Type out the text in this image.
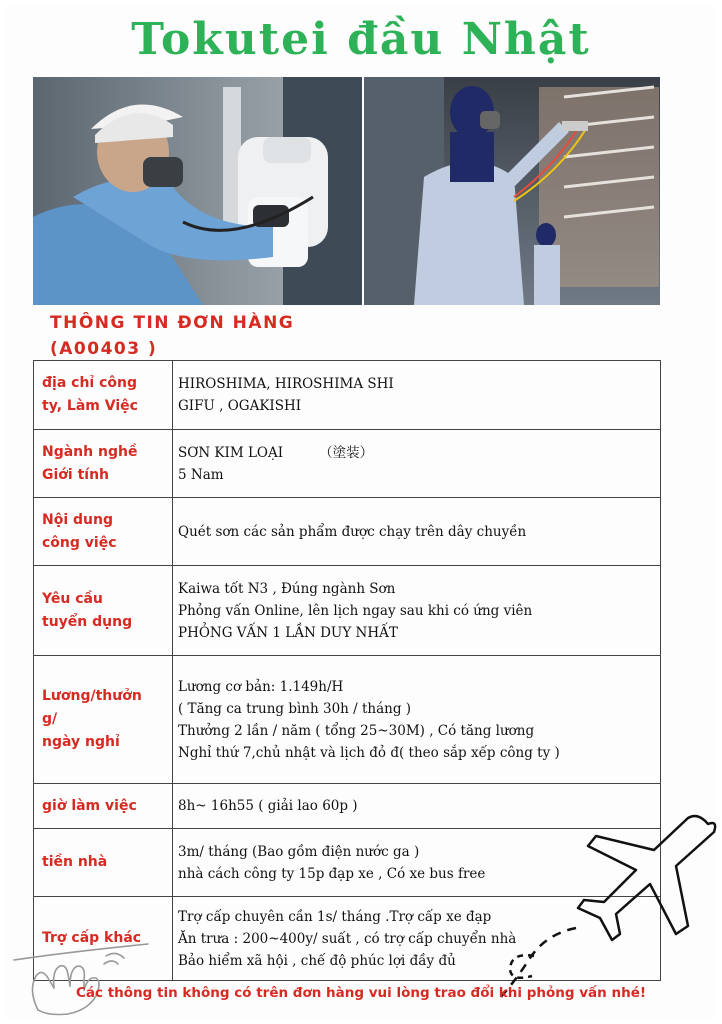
Tokutei đầu Nhật
THÔNG TIN ĐƠN HÀNG
(A00403 )
địa chỉ công
ty, Làm Việc	HIROSHIMA, HIROSHIMA SHI
GIFU , OGAKISHI

Ngành nghề
Giới tính	SƠN KIM LOẠI （塗装）
5 Nam

Nội dung
công việc	Quét sơn các sản phẩm được chạy trên dây chuyền

Yêu cầu
tuyển dụng	Kaiwa tốt N3 , Đúng ngành Sơn
Phỏng vấn Online, lên lịch ngay sau khi có ứng viên
PHỎNG VẤN 1 LẦN DUY NHẤT

Lương/thưởn
g/
ngày nghỉ	Lương cơ bản: 1.149h/H
( Tăng ca trung bình 30h / tháng )
Thưởng 2 lần / năm ( tổng 25~30M) , Có tăng lương
Nghỉ thứ 7,chủ nhật và lịch đỏ đ( theo sắp xếp công ty )

giờ làm việc	8h~ 16h55 ( giải lao 60p )

tiền nhà	3m/ tháng (Bao gồm điện nước ga )
nhà cách công ty 15p đạp xe , Có xe bus free

Trợ cấp khác	Trợ cấp chuyên cần 1s/ tháng .Trợ cấp xe đạp
Ăn trưa : 200~400y/ suất , có trợ cấp chuyển nhà
Bảo hiểm xã hội , chế độ phúc lợi đầy đủ
Các thông tin không có trên đơn hàng vui lòng trao đổi khi phỏng vấn nhé!
